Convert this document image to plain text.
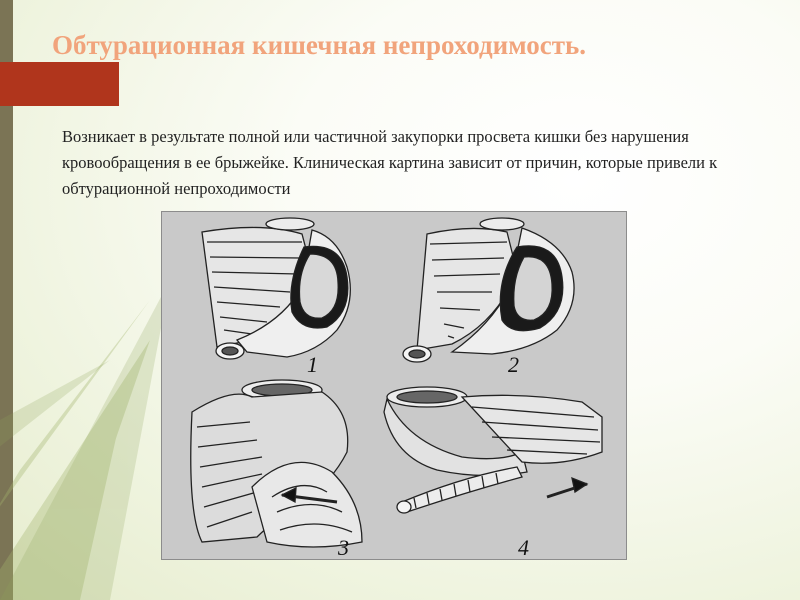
Обтурационная кишечная непроходимость.

Возникает в результате полной или частичной закупорки просвета кишки без нарушения кровообращения в ее брыжейке. Клиническая картина зависит от причин, которые привели к обтурационной непроходимости

1	2
3	4
